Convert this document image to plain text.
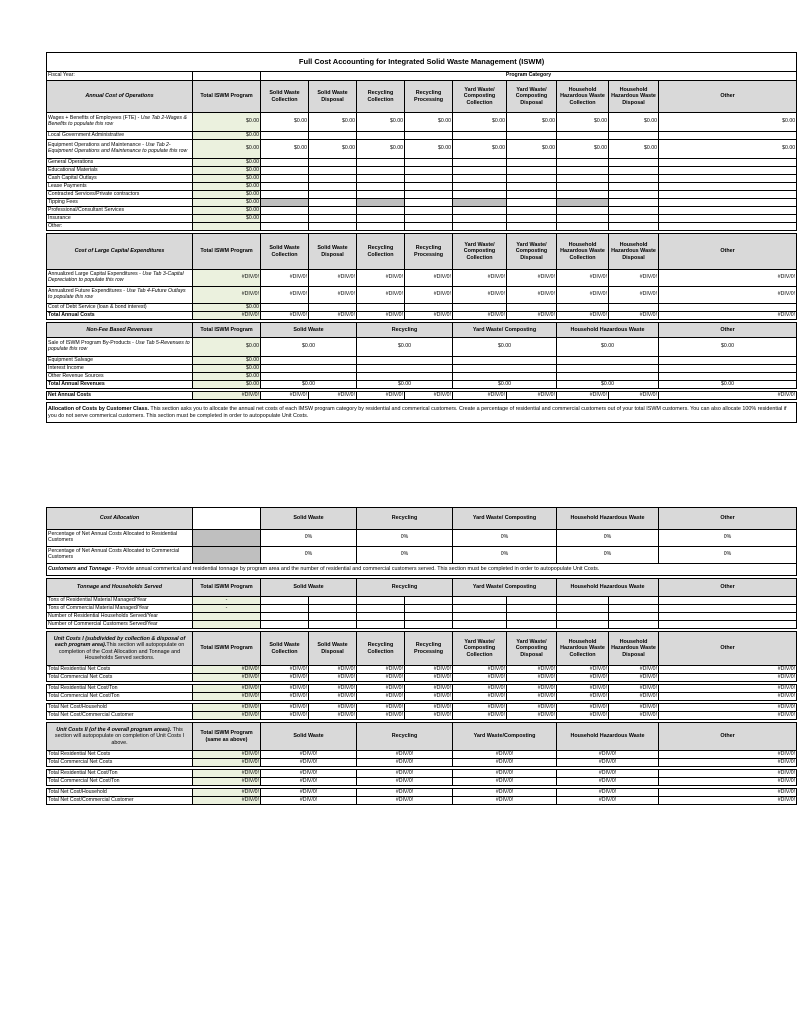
Full Cost Accounting for Integrated Solid Waste Management (ISWM)										
Fiscal Year:		Program Category								
Annual Cost of Operations	Total ISWM Program	Solid Waste Collection	Solid Waste Disposal	Recycling Collection	Recycling Processing	Yard Waste/ Composting Collection	Yard Waste/ Composting Disposal	Household Hazardous Waste Collection	Household Hazardous Waste Disposal	Other
Wages + Benefits of Employees (FTE) - Use Tab 2-Wages & Benefits to populate this row	$0.00	$0.00	$0.00	$0.00	$0.00	$0.00	$0.00	$0.00	$0.00	$0.00
Local Government Administrative	$0.00									
Equipment Operations and Maintenance - Use Tab 2-Equipment Operations and Maintenance to populate this row	$0.00	$0.00	$0.00	$0.00	$0.00	$0.00	$0.00	$0.00	$0.00	$0.00
General Operations	$0.00									
Educational Materials	$0.00									
Cash Capital Outlays	$0.00									
Lease Payments	$0.00									
Contracted Services/Private contractors	$0.00									
Tipping Fees	$0.00									
Professional/Consultant Services	$0.00									
Insurance	$0.00									
Other:										

Cost of Large Capital Expenditures	Total ISWM Program	Solid Waste Collection	Solid Waste Disposal	Recycling Collection	Recycling Processing	Yard Waste/ Composting Collection	Yard Waste/ Composting Disposal	Household Hazardous Waste Collection	Household Hazardous Waste Disposal	Other
Annualized Large Capital Expenditures - Use Tab 3-Capital Depreciation to populate this row	#DIV/0!	#DIV/0!	#DIV/0!	#DIV/0!	#DIV/0!	#DIV/0!	#DIV/0!	#DIV/0!	#DIV/0!	#DIV/0!
Annualized Future Expenditures - Use Tab 4-Future Outlays to populate this row	#DIV/0!	#DIV/0!	#DIV/0!	#DIV/0!	#DIV/0!	#DIV/0!	#DIV/0!	#DIV/0!	#DIV/0!	#DIV/0!
Cost of Debt Service (loan & bond interest)	$0.00									
Total Annual Costs	#DIV/0!	#DIV/0!	#DIV/0!	#DIV/0!	#DIV/0!	#DIV/0!	#DIV/0!	#DIV/0!	#DIV/0!	#DIV/0!

Non-Fee Based Revenues	Total ISWM Program	Solid Waste		Recycling		Yard Waste/ Composting		Household Hazardous Waste		Other
Sale of ISWM Program By-Products - Use Tab 5-Revenues to populate this row	$0.00	$0.00		$0.00		$0.00		$0.00		$0.00
Equipment Salvage	$0.00									
Interest Income	$0.00									
Other Revenue Sources	$0.00									
Total Annual Revenues	$0.00	$0.00		$0.00		$0.00		$0.00		$0.00

Net Annual Costs	#DIV/0!	#DIV/0!	#DIV/0!	#DIV/0!	#DIV/0!	#DIV/0!	#DIV/0!	#DIV/0!	#DIV/0!	#DIV/0!

Allocation of Costs by Customer Class. This section asks you to allocate the annual net costs of each IMSW program category by residential and commerical customers. Create a percentage of residential and commercial customers out of your total ISWM customers. You can also allocate 100% residential if you do not serve commerical customers. This section must be completed in order to autopopulate Unit Costs.										

Cost Allocation		Solid Waste		Recycling		Yard Waste/ Composting		Household Hazardous Waste		Other
Percentage of Net Annual Costs Allocated to Residential Customers		0%		0%		0%		0%		0%
Percentage of Net Annual Costs Allocated to Commercial Customers		0%		0%		0%		0%		0%
Customers and Tonnage - Provide annual commerical and residential tonnage by program area and the number of residential and commercial customers served. This section must be completed in order to autopopulate Unit Costs.										

Tonnage and Households Served	Total ISWM Program	Solid Waste		Recycling		Yard Waste/ Composting		Household Hazardous Waste		Other
Tons of Residential Material Managed/Year	-									
Tons of Commercial Material Managed/Year	-									
Number of Residential Households Served/Year										
Number of Commercial Customers Served/Year										

Unit Costs I (subdivided by collection & disposal of each program area).This section will autopopulate on completion of the Cost Allocation and Tonnage and Households Served sections.	Total ISWM Program	Solid Waste Collection	Solid Waste Disposal	Recycling Collection	Recycling Processing	Yard Waste/ Composting Collection	Yard Waste/ Composting Disposal	Household Hazardous Waste Collection	Household Hazardous Waste Disposal	Other
Total Residential Net Costs	#DIV/0!	#DIV/0!	#DIV/0!	#DIV/0!	#DIV/0!	#DIV/0!	#DIV/0!	#DIV/0!	#DIV/0!	#DIV/0!
Total Commercial Net Costs	#DIV/0!	#DIV/0!	#DIV/0!	#DIV/0!	#DIV/0!	#DIV/0!	#DIV/0!	#DIV/0!	#DIV/0!	#DIV/0!

Total Residential Net Cost/Ton	#DIV/0!	#DIV/0!	#DIV/0!	#DIV/0!	#DIV/0!	#DIV/0!	#DIV/0!	#DIV/0!	#DIV/0!	#DIV/0!
Total Commercial Net Cost/Ton	#DIV/0!	#DIV/0!	#DIV/0!	#DIV/0!	#DIV/0!	#DIV/0!	#DIV/0!	#DIV/0!	#DIV/0!	#DIV/0!

Total Net Cost/Household	#DIV/0!	#DIV/0!	#DIV/0!	#DIV/0!	#DIV/0!	#DIV/0!	#DIV/0!	#DIV/0!	#DIV/0!	#DIV/0!
Total Net Cost/Commercial Customer	#DIV/0!	#DIV/0!	#DIV/0!	#DIV/0!	#DIV/0!	#DIV/0!	#DIV/0!	#DIV/0!	#DIV/0!	#DIV/0!

Unit Costs II (of the 4 overall program areas). This section will autopopulate on completion of Unit Costs I above.	Total ISWM Program (same as above)	Solid Waste		Recycling		Yard Waste/Composting		Household Hazardous Waste		Other
Total Residential Net Costs	#DIV/0!	#DIV/0!		#DIV/0!		#DIV/0!		#DIV/0!		#DIV/0!
Total Commercial Net Costs	#DIV/0!	#DIV/0!		#DIV/0!		#DIV/0!		#DIV/0!		#DIV/0!

Total Residential Net Cost/Ton	#DIV/0!	#DIV/0!		#DIV/0!		#DIV/0!		#DIV/0!		#DIV/0!
Total Commercial Net Cost/Ton	#DIV/0!	#DIV/0!		#DIV/0!		#DIV/0!		#DIV/0!		#DIV/0!

Total Net Cost/Household	#DIV/0!	#DIV/0!		#DIV/0!		#DIV/0!		#DIV/0!		#DIV/0!
Total Net Cost/Commercial Customer	#DIV/0!	#DIV/0!		#DIV/0!		#DIV/0!		#DIV/0!		#DIV/0!
